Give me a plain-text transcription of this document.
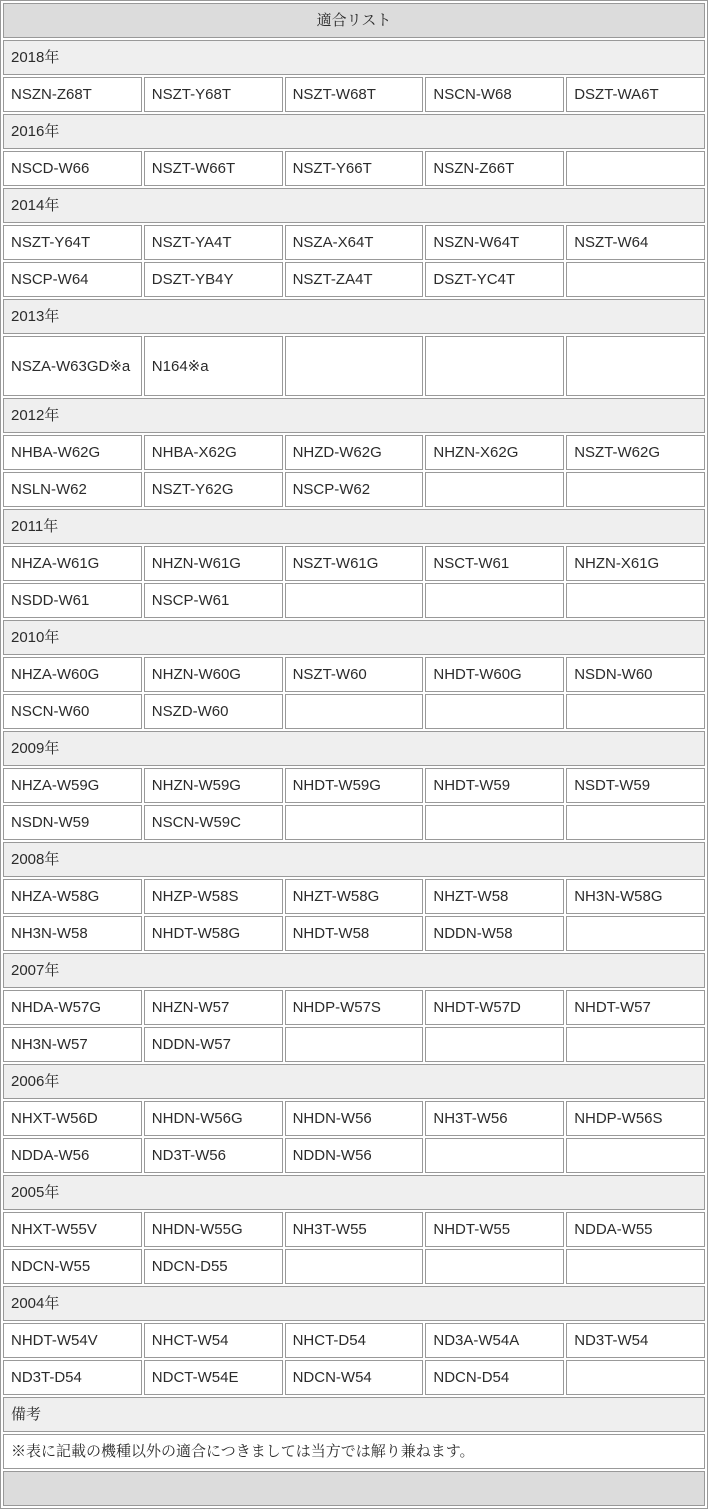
適合リスト				
2018年				
NSZN-Z68T	NSZT-Y68T	NSZT-W68T	NSCN-W68	DSZT-WA6T
2016年				
NSCD-W66	NSZT-W66T	NSZT-Y66T	NSZN-Z66T	
2014年				
NSZT-Y64T	NSZT-YA4T	NSZA-X64T	NSZN-W64T	NSZT-W64
NSCP-W64	DSZT-YB4Y	NSZT-ZA4T	DSZT-YC4T	
2013年				
NSZA-W63GD※a	N164※a			
2012年				
NHBA-W62G	NHBA-X62G	NHZD-W62G	NHZN-X62G	NSZT-W62G
NSLN-W62	NSZT-Y62G	NSCP-W62		
2011年				
NHZA-W61G	NHZN-W61G	NSZT-W61G	NSCT-W61	NHZN-X61G
NSDD-W61	NSCP-W61			
2010年				
NHZA-W60G	NHZN-W60G	NSZT-W60	NHDT-W60G	NSDN-W60
NSCN-W60	NSZD-W60			
2009年				
NHZA-W59G	NHZN-W59G	NHDT-W59G	NHDT-W59	NSDT-W59
NSDN-W59	NSCN-W59C			
2008年				
NHZA-W58G	NHZP-W58S	NHZT-W58G	NHZT-W58	NH3N-W58G
NH3N-W58	NHDT-W58G	NHDT-W58	NDDN-W58	
2007年				
NHDA-W57G	NHZN-W57	NHDP-W57S	NHDT-W57D	NHDT-W57
NH3N-W57	NDDN-W57			
2006年				
NHXT-W56D	NHDN-W56G	NHDN-W56	NH3T-W56	NHDP-W56S
NDDA-W56	ND3T-W56	NDDN-W56		
2005年				
NHXT-W55V	NHDN-W55G	NH3T-W55	NHDT-W55	NDDA-W55
NDCN-W55	NDCN-D55			
2004年				
NHDT-W54V	NHCT-W54	NHCT-D54	ND3A-W54A	ND3T-W54
ND3T-D54	NDCT-W54E	NDCN-W54	NDCN-D54	
備考				
※表に記載の機種以外の適合につきましては当方では解り兼ねます。				
